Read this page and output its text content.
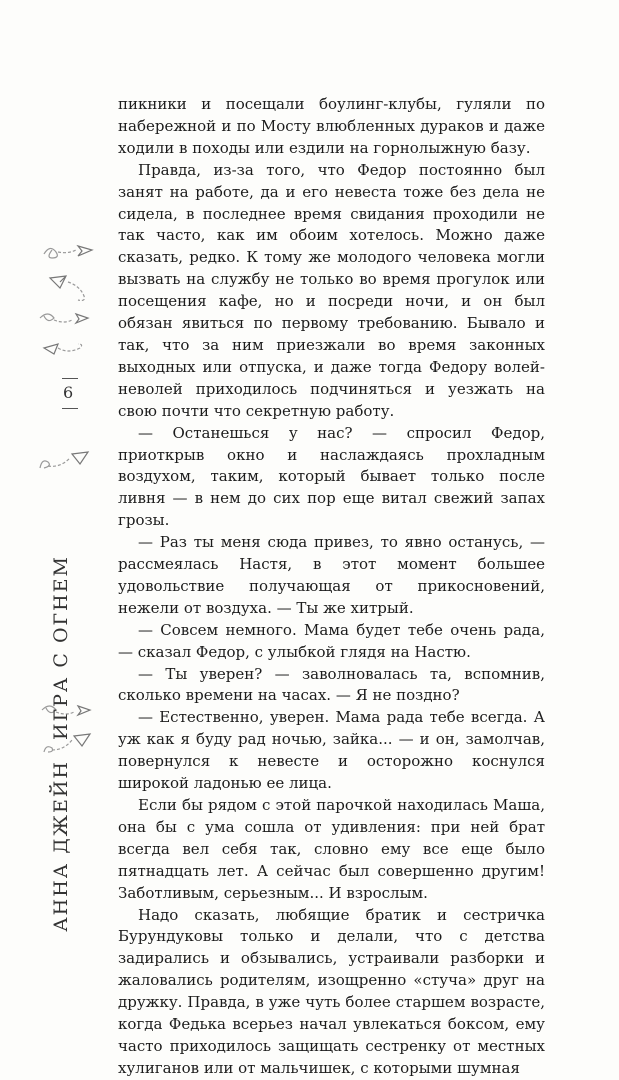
6
ИГРА С ОГНЕМ
АННА ДЖЕЙН

пикники и посещали боулинг-клубы, гуляли по набережной и по Мосту влюбленных дураков и даже ходили в походы или ездили на горнолыжную базу.

Правда, из-за того, что Федор постоянно был занят на работе, да и его невеста тоже без дела не сидела, в последнее время свидания проходили не так часто, как им обоим хотелось. Можно даже сказать, редко. К тому же молодого человека могли вызвать на службу не только во время прогулок или посещения кафе, но и посреди ночи, и он был обязан явиться по первому требованию. Бывало и так, что за ним приезжали во время законных выходных или отпуска, и даже тогда Федору волей-неволей приходилось подчиняться и уезжать на свою почти что секретную работу.

— Останешься у нас? — спросил Федор, приоткрыв окно и наслаждаясь прохладным воздухом, таким, который бывает только после ливня — в нем до сих пор еще витал свежий запах грозы.

— Раз ты меня сюда привез, то явно останусь, — рассмеялась Настя, в этот момент большее удовольствие получающая от прикосновений, нежели от воздуха. — Ты же хитрый.

— Совсем немного. Мама будет тебе очень рада, — сказал Федор, с улыбкой глядя на Настю.

— Ты уверен? — заволновалась та, вспомнив, сколько времени на часах. — Я не поздно?

— Естественно, уверен. Мама рада тебе всегда. А уж как я буду рад ночью, зайка... — и он, замолчав, повернулся к невесте и осторожно коснулся широкой ладонью ее лица.

Если бы рядом с этой парочкой находилась Маша, она бы с ума сошла от удивления: при ней брат всегда вел себя так, словно ему все еще было пятнадцать лет. А сейчас был совершенно другим! Заботливым, серьезным... И взрослым.

Надо сказать, любящие братик и сестричка Бурундуковы только и делали, что с детства задирались и обзывались, устраивали разборки и жаловались родителям, изощренно «стуча» друг на дружку. Правда, в уже чуть более старшем возрасте, когда Федька всерьез начал увлекаться боксом, ему часто приходилось защищать сестренку от местных хулиганов или от мальчишек, с которыми шумная
